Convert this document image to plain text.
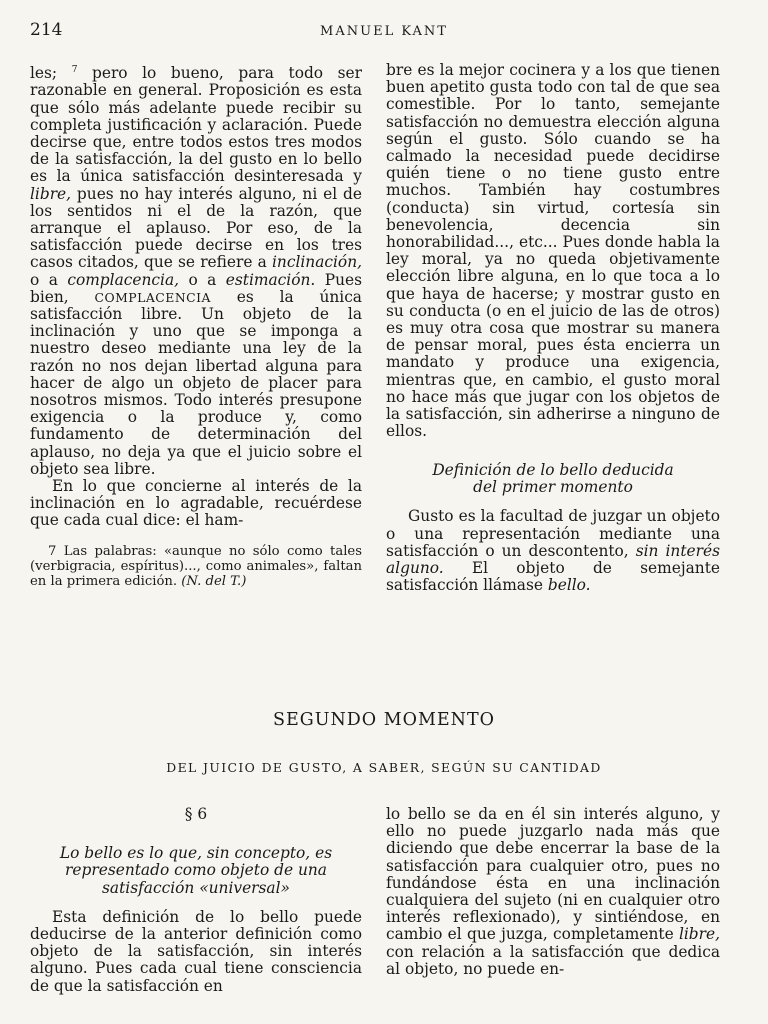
214	MANUEL KANT

les; $^7$ pero lo bueno, para todo ser razonable en general. Proposición es esta que sólo más adelante puede recibir su completa justificación y aclaración. Puede decirse que, entre todos estos tres modos de la satisfacción, la del gusto en lo bello es la única satisfacción desinteresada y libre, pues no hay interés alguno, ni el de los sentidos ni el de la razón, que arranque el aplauso. Por eso, de la satisfacción puede decirse en los tres casos citados, que se refiere a inclinación, o a complacencia, o a estimación. Pues bien, COMPLACENCIA es la única satisfacción libre. Un objeto de la inclinación y uno que se imponga a nuestro deseo mediante una ley de la razón no nos dejan libertad alguna para hacer de algo un objeto de placer para nosotros mismos. Todo interés presupone exigencia o la produce y, como fundamento de determinación del aplauso, no deja ya que el juicio sobre el objeto sea libre.

En lo que concierne al interés de la inclinación en lo agradable, recuérdese que cada cual dice: el ham-

7 Las palabras: «aunque no sólo como tales (verbigracia, espíritus)..., como animales», faltan en la primera edición. (N. del T.)

bre es la mejor cocinera y a los que tienen buen apetito gusta todo con tal de que sea comestible. Por lo tanto, semejante satisfacción no demuestra elección alguna según el gusto. Sólo cuando se ha calmado la necesidad puede decidirse quién tiene o no tiene gusto entre muchos. También hay costumbres (conducta) sin virtud, cortesía sin benevolencia, decencia sin honorabilidad..., etc... Pues donde habla la ley moral, ya no queda objetivamente elección libre alguna, en lo que toca a lo que haya de hacerse; y mostrar gusto en su conducta (o en el juicio de las de otros) es muy otra cosa que mostrar su manera de pensar moral, pues ésta encierra un mandato y produce una exigencia, mientras que, en cambio, el gusto moral no hace más que jugar con los objetos de la satisfacción, sin adherirse a ninguno de ellos.

Definición de lo bello deducida
del primer momento

Gusto es la facultad de juzgar un objeto o una representación mediante una satisfacción o un descontento, sin interés alguno. El objeto de semejante satisfacción llámase bello.

SEGUNDO MOMENTO
DEL JUICIO DE GUSTO, A SABER, SEGÚN SU CANTIDAD

§ 6

Lo bello es lo que, sin concepto, es representado como objeto de una satisfacción «universal»

Esta definición de lo bello puede deducirse de la anterior definición como objeto de la satisfacción, sin interés alguno. Pues cada cual tiene consciencia de que la satisfacción en

lo bello se da en él sin interés alguno, y ello no puede juzgarlo nada más que diciendo que debe encerrar la base de la satisfacción para cualquier otro, pues no fundándose ésta en una inclinación cualquiera del sujeto (ni en cualquier otro interés reflexionado), y sintiéndose, en cambio el que juzga, completamente libre, con relación a la satisfacción que dedica al objeto, no puede en-
